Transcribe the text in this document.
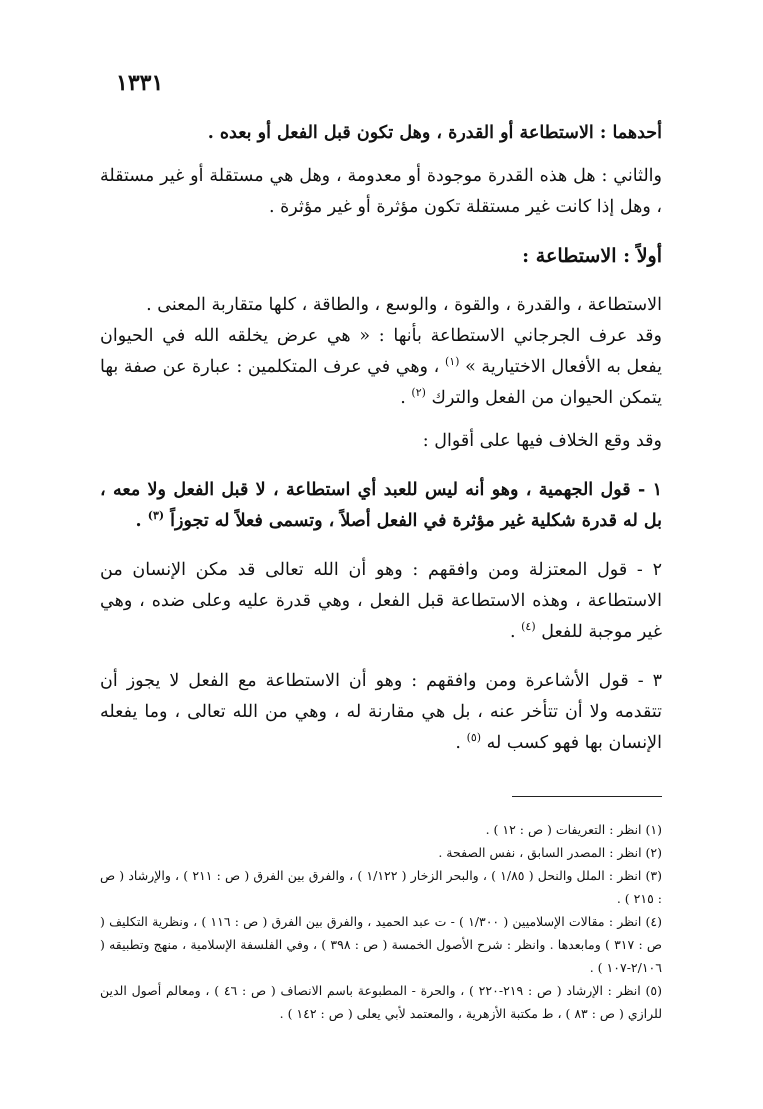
١٣٣١

أحدهما : الاستطاعة أو القدرة ، وهل تكون قبل الفعل أو بعده .

والثاني : هل هذه القدرة موجودة أو معدومة ، وهل هي مستقلة أو غير مستقلة ، وهل إذا كانت غير مستقلة تكون مؤثرة أو غير مؤثرة .

أولاً : الاستطاعة :

الاستطاعة ، والقدرة ، والقوة ، والوسع ، والطاقة ، كلها متقاربة المعنى .

وقد عرف الجرجاني الاستطاعة بأنها : « هي عرض يخلقه الله في الحيوان يفعل به الأفعال الاختيارية » $^{(١)}$ ، وهي في عرف المتكلمين : عبارة عن صفة بها يتمكن الحيوان من الفعل والترك $^{(٢)}$ .

وقد وقع الخلاف فيها على أقوال :

١ - قول الجهمية ، وهو أنه ليس للعبد أي استطاعة ، لا قبل الفعل ولا معه ، بل له قدرة شكلية غير مؤثرة في الفعل أصلاً ، وتسمى فعلاً له تجوزاً $^{(٣)}$ .

٢ - قول المعتزلة ومن وافقهم : وهو أن الله تعالى قد مكن الإنسان من الاستطاعة ، وهذه الاستطاعة قبل الفعل ، وهي قدرة عليه وعلى ضده ، وهي غير موجبة للفعل $^{(٤)}$ .

٣ - قول الأشاعرة ومن وافقهم : وهو أن الاستطاعة مع الفعل لا يجوز أن تتقدمه ولا أن تتأخر عنه ، بل هي مقارنة له ، وهي من الله تعالى ، وما يفعله الإنسان بها فهو كسب له $^{(٥)}$ .

(١) انظر : التعريفات ( ص : ١٢ ) .

(٢) انظر : المصدر السابق ، نفس الصفحة .

(٣) انظر : الملل والنحل ( ١/٨٥ ) ، والبحر الزخار ( ١/١٢٢ ) ، والفرق بين الفرق ( ص : ٢١١ ) ، والإرشاد ( ص : ٢١٥ ) .

(٤) انظر : مقالات الإسلاميين ( ١/٣٠٠ ) - ت عبد الحميد ، والفرق بين الفرق ( ص : ١١٦ ) ، ونظرية التكليف ( ص : ٣١٧ ) ومابعدها . وانظر : شرح الأصول الخمسة ( ص : ٣٩٨ ) ، وفي الفلسفة الإسلامية ، منهج وتطبيقه ( ٢/١٠٦-١٠٧ ) .

(٥) انظر : الإرشاد ( ص : ٢١٩-٢٢٠ ) ، والحرة - المطبوعة باسم الانصاف ( ص : ٤٦ ) ، ومعالم أصول الدين للرازي ( ص : ٨٣ ) ، ط مكتبة الأزهرية ، والمعتمد لأبي يعلى ( ص : ١٤٢ ) .
